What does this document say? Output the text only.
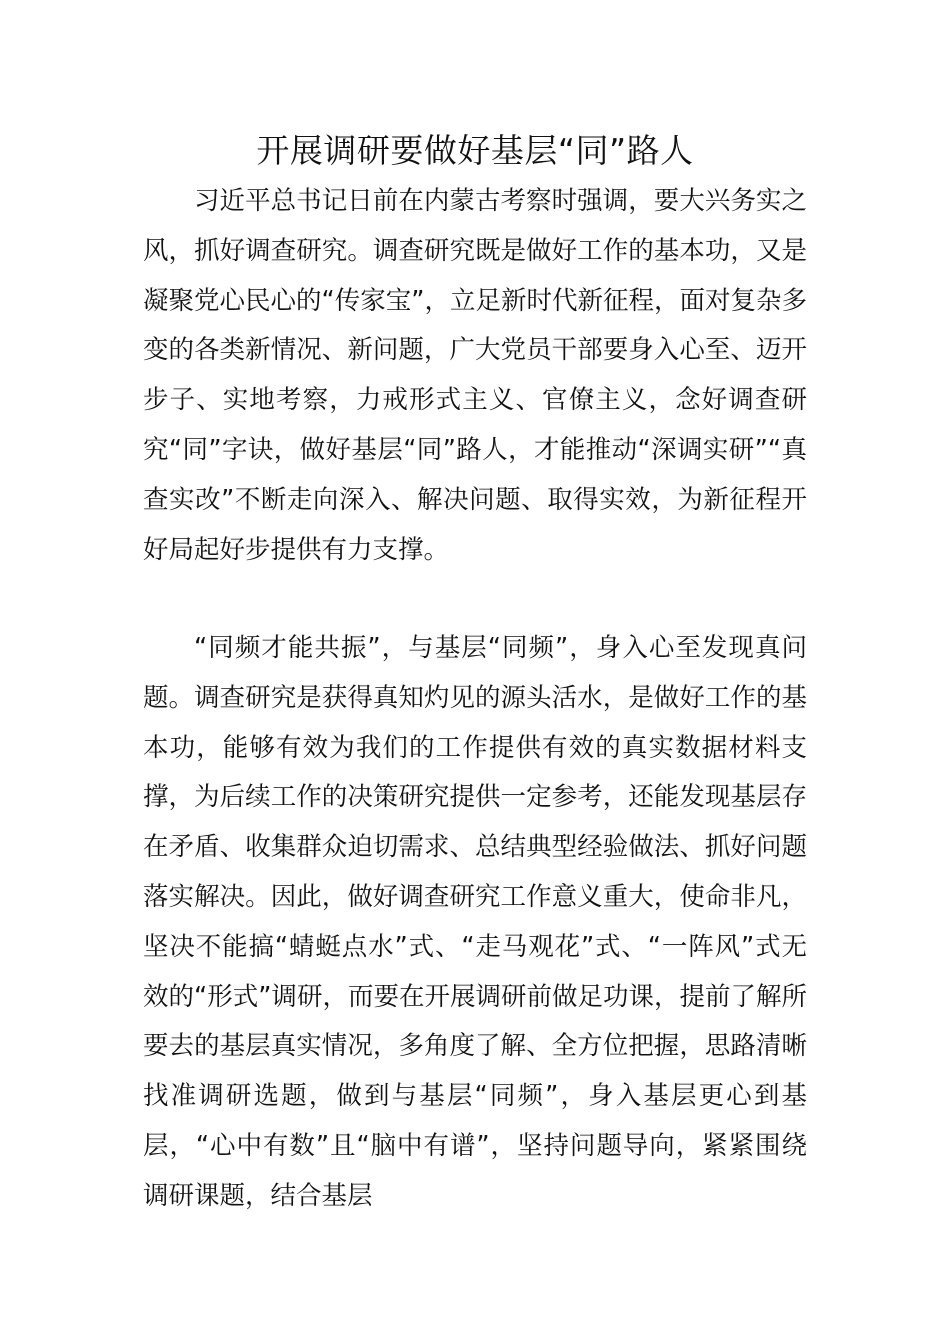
开展调研要做好基层“同”路人

习近平总书记日前在内蒙古考察时强调，要大兴务实之风，抓好调查研究。调查研究既是做好工作的基本功，又是凝聚党心民心的“传家宝”，立足新时代新征程，面对复杂多变的各类新情况、新问题，广大党员干部要身入心至、迈开步子、实地考察，力戒形式主义、官僚主义，念好调查研究“同”字诀，做好基层“同”路人，才能推动“深调实研”“真查实改”不断走向深入、解决问题、取得实效，为新征程开好局起好步提供有力支撑。

“同频才能共振”，与基层“同频”，身入心至发现真问题。调查研究是获得真知灼见的源头活水，是做好工作的基本功，能够有效为我们的工作提供有效的真实数据材料支撑，为后续工作的决策研究提供一定参考，还能发现基层存在矛盾、收集群众迫切需求、总结典型经验做法、抓好问题落实解决。因此，做好调查研究工作意义重大，使命非凡，坚决不能搞“蜻蜓点水”式、“走马观花”式、“一阵风”式无效的“形式”调研，而要在开展调研前做足功课，提前了解所要去的基层真实情况，多角度了解、全方位把握，思路清晰找准调研选题，做到与基层“同频”，身入基层更心到基层，“心中有数”且“脑中有谱”，坚持问题导向，紧紧围绕调研课题，结合基层
